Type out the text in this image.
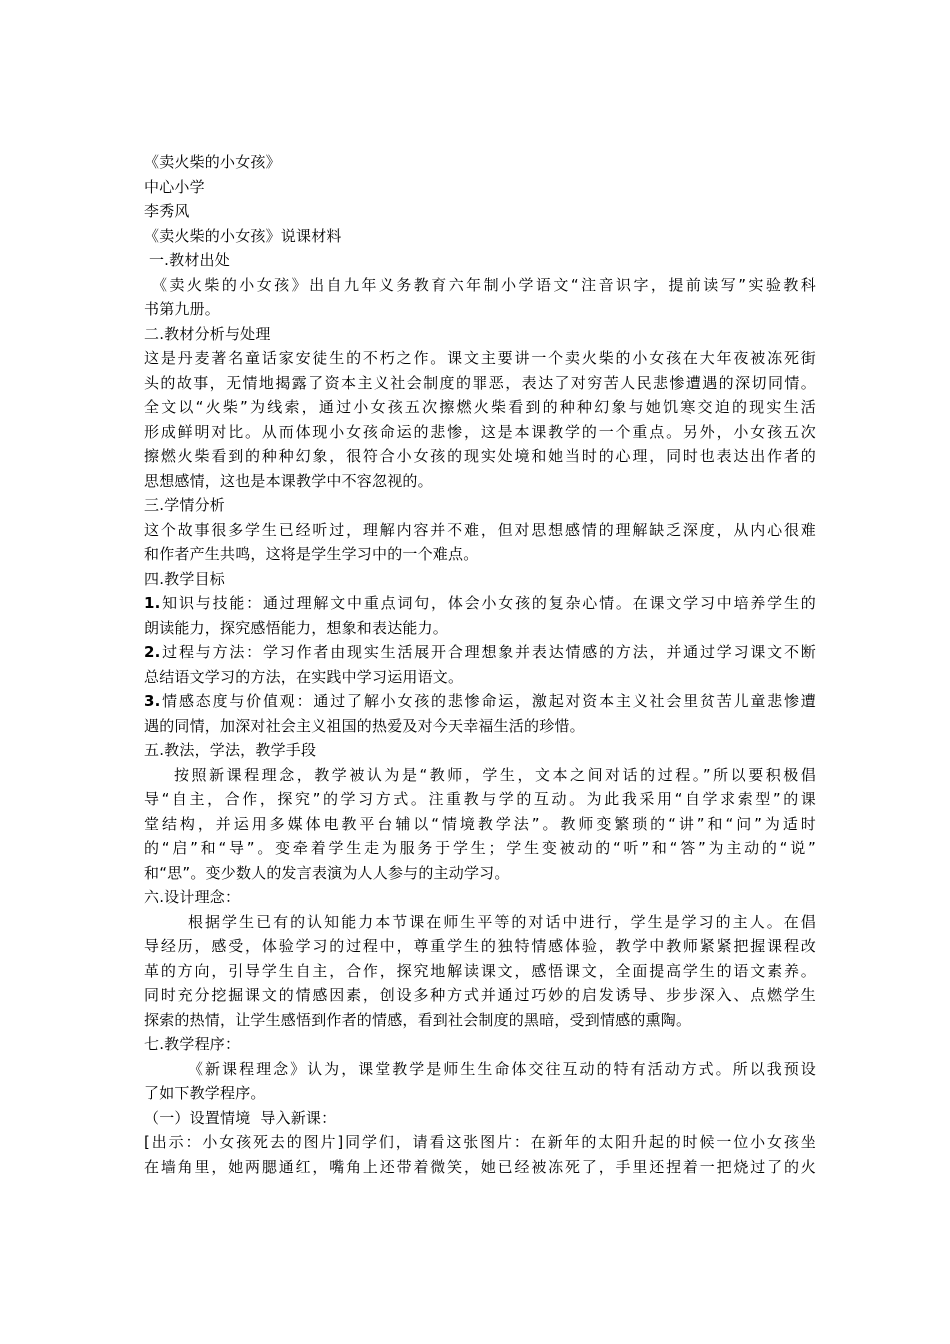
《卖火柴的小女孩》
中心小学
李秀风
《卖火柴的小女孩》说课材料
一.教材出处
《卖火柴的小女孩》出自九年义务教育六年制小学语文“注音识字，提前读写”实验教科
书第九册。
二.教材分析与处理
这是丹麦著名童话家安徒生的不朽之作。课文主要讲一个卖火柴的小女孩在大年夜被冻死街
头的故事，无情地揭露了资本主义社会制度的罪恶，表达了对穷苦人民悲惨遭遇的深切同情。
全文以“火柴”为线索，通过小女孩五次擦燃火柴看到的种种幻象与她饥寒交迫的现实生活
形成鲜明对比。从而体现小女孩命运的悲惨，这是本课教学的一个重点。另外，小女孩五次
擦燃火柴看到的种种幻象，很符合小女孩的现实处境和她当时的心理，同时也表达出作者的
思想感情，这也是本课教学中不容忽视的。
三.学情分析
这个故事很多学生已经听过，理解内容并不难，但对思想感情的理解缺乏深度，从内心很难
和作者产生共鸣，这将是学生学习中的一个难点。
四.教学目标
1.知识与技能：通过理解文中重点词句，体会小女孩的复杂心情。在课文学习中培养学生的
朗读能力，探究感悟能力，想象和表达能力。
2.过程与方法：学习作者由现实生活展开合理想象并表达情感的方法，并通过学习课文不断
总结语文学习的方法，在实践中学习运用语文。
3.情感态度与价值观：通过了解小女孩的悲惨命运，激起对资本主义社会里贫苦儿童悲惨遭
遇的同情，加深对社会主义祖国的热爱及对今天幸福生活的珍惜。
五.教法，学法，教学手段
按照新课程理念，教学被认为是“教师，学生，文本之间对话的过程。”所以要积极倡
导“自主，合作，探究”的学习方式。注重教与学的互动。为此我采用“自学求索型”的课
堂结构，并运用多媒体电教平台辅以“情境教学法”。教师变繁琐的“讲”和“问”为适时
的“启”和“导”。变牵着学生走为服务于学生；学生变被动的“听”和“答”为主动的“说”
和“思”。变少数人的发言表演为人人参与的主动学习。
六.设计理念：
根据学生已有的认知能力本节课在师生平等的对话中进行，学生是学习的主人。在倡
导经历，感受，体验学习的过程中，尊重学生的独特情感体验，教学中教师紧紧把握课程改
革的方向，引导学生自主，合作，探究地解读课文，感悟课文，全面提高学生的语文素养。
同时充分挖掘课文的情感因素，创设多种方式并通过巧妙的启发诱导、步步深入、点燃学生
探索的热情，让学生感悟到作者的情感，看到社会制度的黑暗，受到情感的熏陶。
七.教学程序：
《新课程理念》认为，课堂教学是师生生命体交往互动的特有活动方式。所以我预设
了如下教学程序。
（一）设置情境  导入新课：
[出示：小女孩死去的图片]同学们，请看这张图片：在新年的太阳升起的时候一位小女孩坐
在墙角里，她两腮通红，嘴角上还带着微笑，她已经被冻死了，手里还捏着一把烧过了的火
